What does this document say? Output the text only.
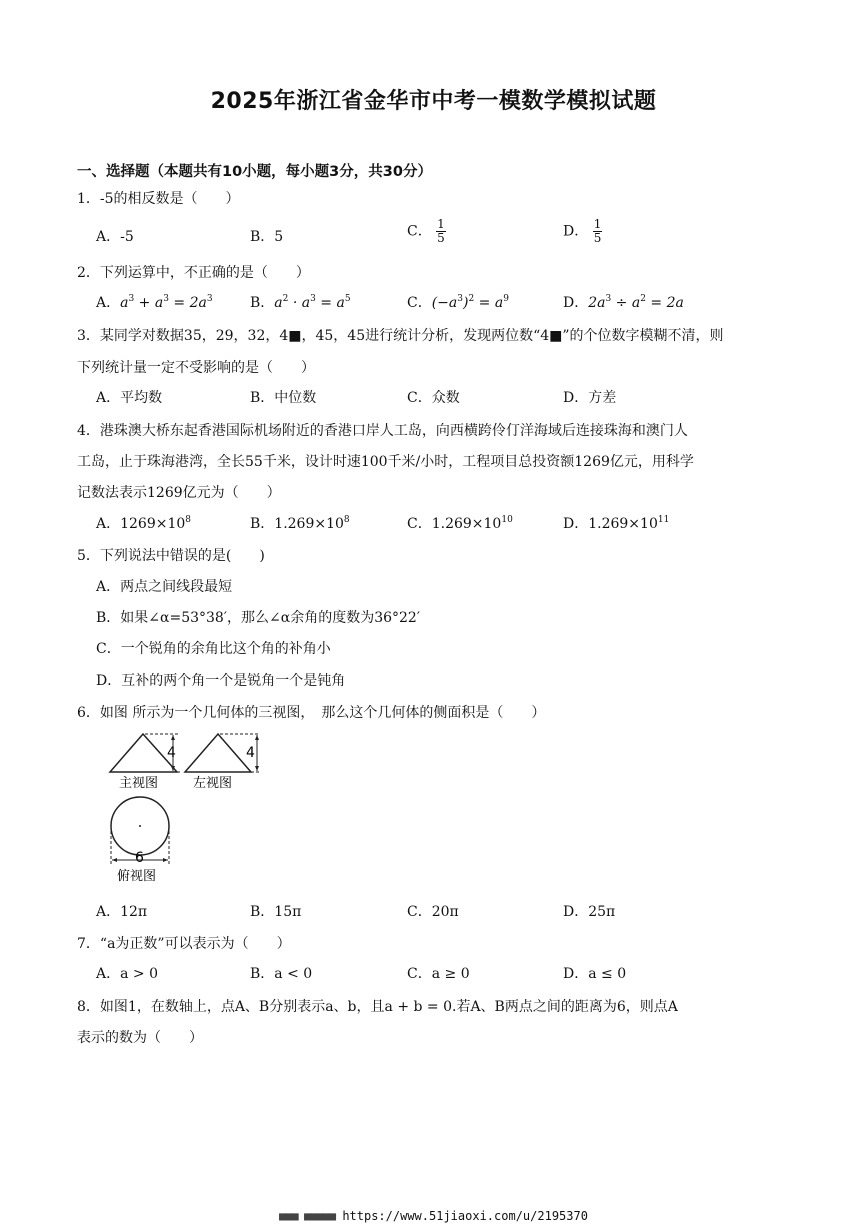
2025年浙江省金华市中考一模数学模拟试题
一、选择题（本题共有10小题，每小题3分，共30分）
1．-5的相反数是（　　）
A．-5	B．5	C． $\frac{1}{5}$	D． $\frac{1}{5}$
2．下列运算中，不正确的是（　　）
A．$a^3 + a^3 = 2a^3$	B．$a^2 \cdot a^3 = a^5$	C．$(-a^3)^2 = a^9$	D．$2a^3 \div a^2 = 2a$
3．某同学对数据35，29，32，4■，45，45进行统计分析，发现两位数“4■”的个位数字模糊不清，则
下列统计量一定不受影响的是（　　）
A．平均数	B．中位数	C．众数	D．方差
4．港珠澳大桥东起香港国际机场附近的香港口岸人工岛，向西横跨伶仃洋海域后连接珠海和澳门人
工岛，止于珠海港湾，全长55千米，设计时速100千米/小时，工程项目总投资额1269亿元，用科学
记数法表示1269亿元为（　　）
A．$1269\times 10^8$	B．$1.269\times 10^8$	C．$1.269\times 10^{10}$	D．$1.269\times 10^{11}$
5．下列说法中错误的是(　　)
A．两点之间线段最短
B．如果∠α=53°38′，那么∠α余角的度数为36°22′
C．一个锐角的余角比这个角的补角小
D．互补的两个角一个是锐角一个是钝角
6．如图 所示为一个几何体的三视图，　那么这个几何体的侧面积是（　　）
4	4
主视图	左视图
6
俯视图
A．12π	B．15π	C．20π	D．25π
7．“a为正数”可以表示为（　　）
A．a > 0	B．a < 0	C．a ≥ 0	D．a ≤ 0
8．如图1，在数轴上，点A、B分别表示a、b，且a + b = 0.若A、B两点之间的距离为6，则点A
表示的数为（　　）
■■■ ■■■■■ https://www.51jiaoxi.com/u/2195370
